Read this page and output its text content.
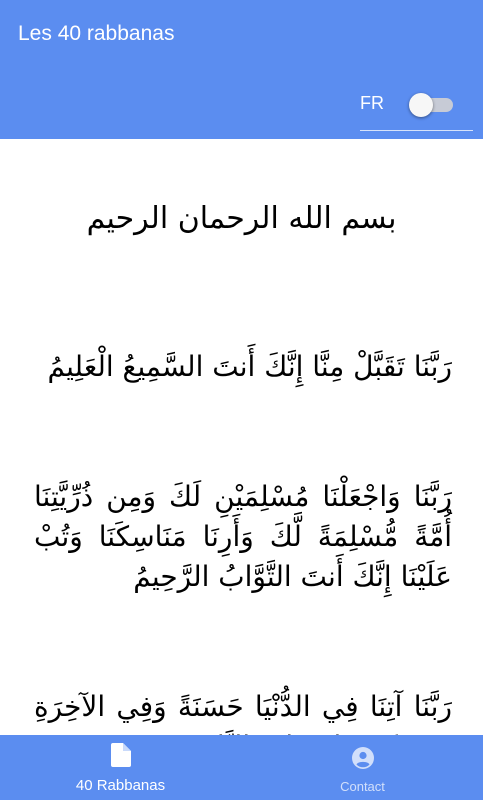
Les 40 rabbanas
FR
بسم الله الرحمان الرحيم
رَبَّنَا تَقَبَّلْ مِنَّا إِنَّكَ أَنتَ السَّمِيعُ الْعَلِيمُ
رَبَّنَا وَاجْعَلْنَا مُسْلِمَيْنِ لَكَ وَمِن ذُرِّيَّتِنَا أُمَّةً مُّسْلِمَةً لَّكَ وَأَرِنَا مَنَاسِكَنَا وَتُبْ عَلَيْنَا إِنَّكَ أَنتَ التَّوَّابُ الرَّحِيمُ
رَبَّنَا آتِنَا فِي الدُّنْيَا حَسَنَةً وَفِي الآخِرَةِ
40 Rabbanas	Contact
